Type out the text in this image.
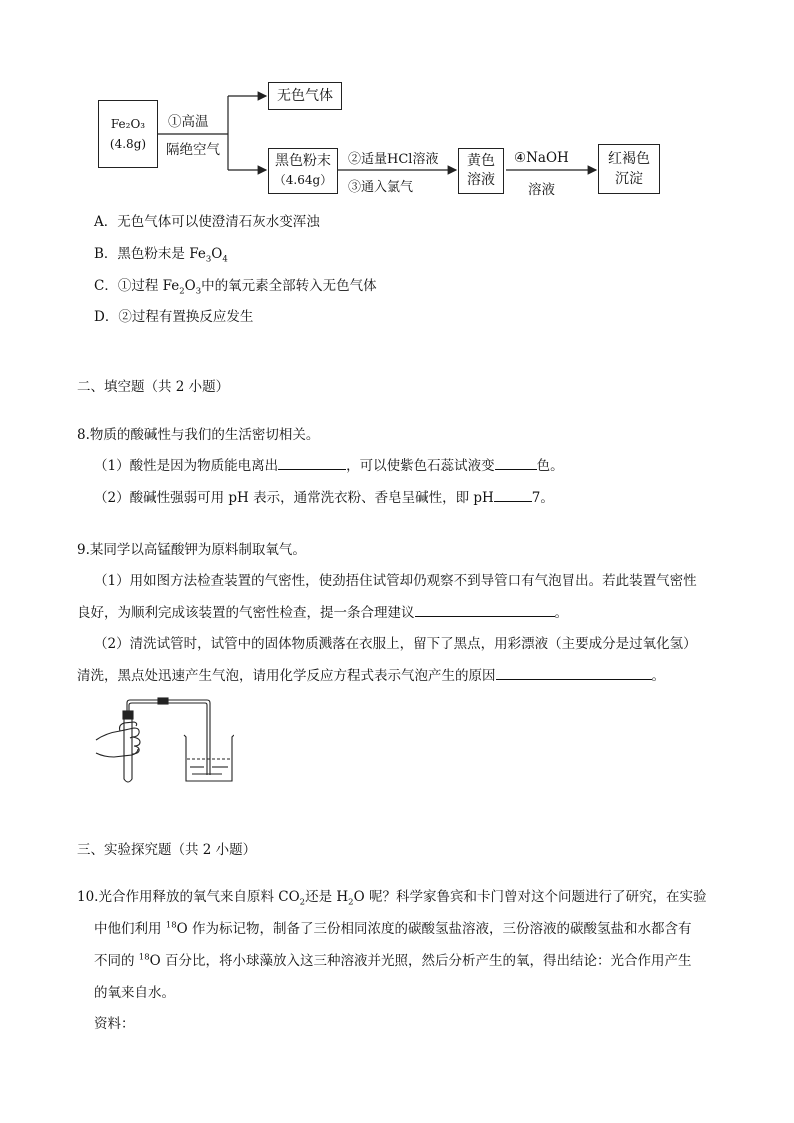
Fe₂O₃
(4.8g)
①高温
隔绝空气
无色气体
黑色粉末
（4.64g）
②适量HCl溶液
③通入氯气
黄色
溶液
④NaOH
溶液
红褐色
沉淀
A．无色气体可以使澄清石灰水变浑浊
B．黑色粉末是 $Fe_3O_4$
C．①过程 $Fe_2O_3$中的氧元素全部转入无色气体
D．②过程有置换反应发生
二、填空题（共 2 小题）
8.物质的酸碱性与我们的生活密切相关。
（1）酸性是因为物质能电离出	，可以使紫色石蕊试液变	色。
（2）酸碱性强弱可用 pH 表示，通常洗衣粉、香皂呈碱性，即 pH	7。
9.某同学以高锰酸钾为原料制取氧气。
（1）用如图方法检查装置的气密性，使劲捂住试管却仍观察不到导管口有气泡冒出。若此装置气密性
良好，为顺利完成该装置的气密性检查，提一条合理建议	。
（2）清洗试管时，试管中的固体物质溅落在衣服上，留下了黑点，用彩漂液（主要成分是过氧化氢）
清洗，黑点处迅速产生气泡，请用化学反应方程式表示气泡产生的原因	。
三、实验探究题（共 2 小题）
10.光合作用释放的氧气来自原料 $CO_2$还是 $H_2O$ 呢？科学家鲁宾和卡门曾对这个问题进行了研究，在实验
中他们利用 $^{18}$O 作为标记物，制备了三份相同浓度的碳酸氢盐溶液，三份溶液的碳酸氢盐和水都含有
不同的 $^{18}$O 百分比，将小球藻放入这三种溶液并光照，然后分析产生的氧，得出结论：光合作用产生
的氧来自水。
资料：
